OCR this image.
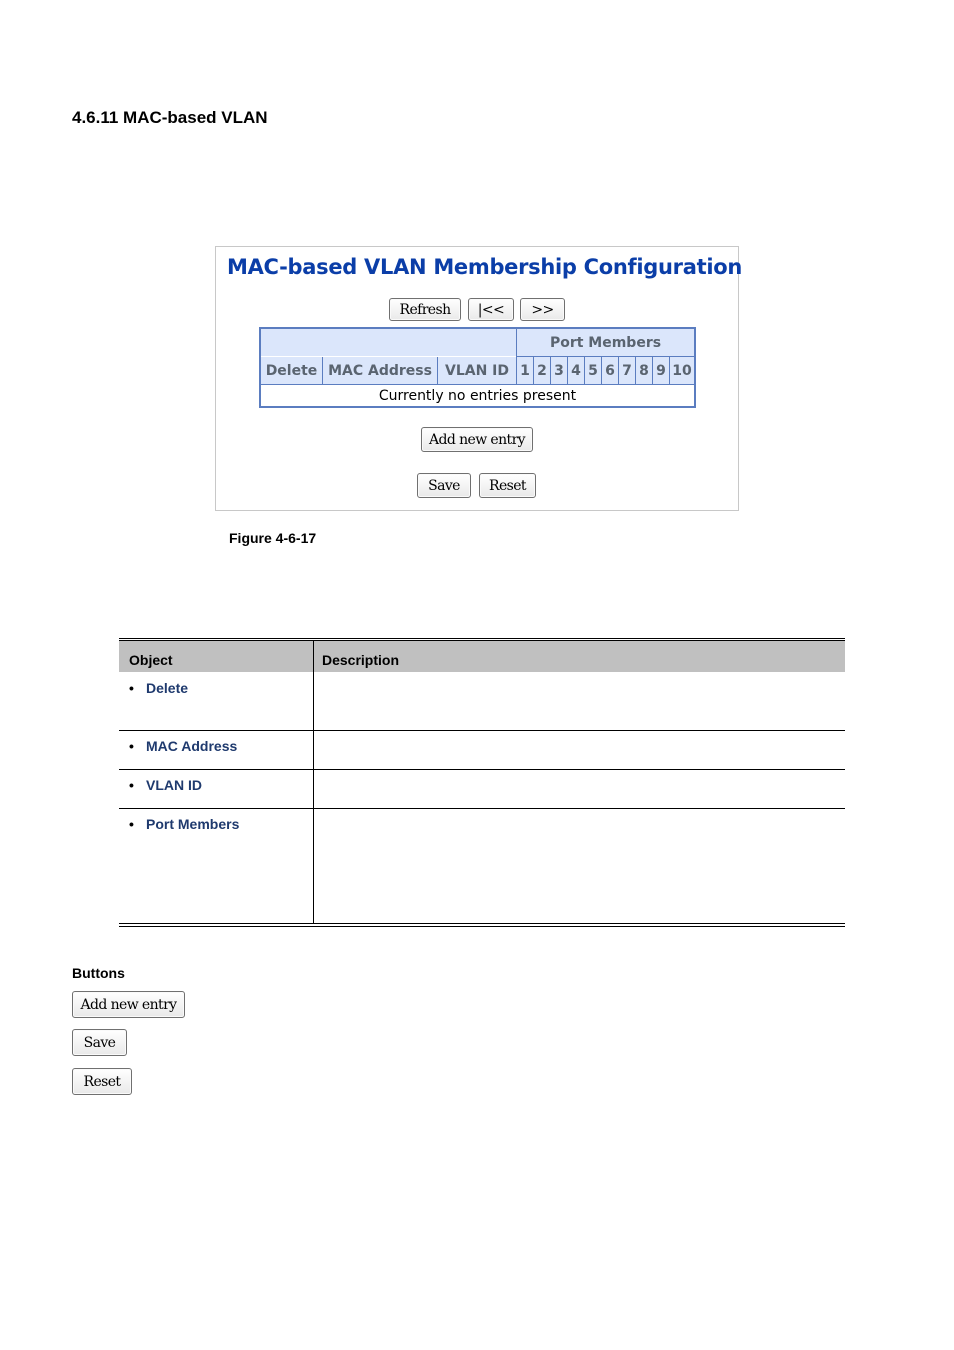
4.6.11 MAC-based VLAN
MAC-based VLAN Membership Configuration
Refresh	|<<	>>
Port Members
Delete MAC Address VLAN ID 1 2 3 4 5 6 7 8 9 10
Currently no entries present
Add new entry
Save	Reset
Figure 4-6-17
Object	Description
• Delete
• MAC Address
• VLAN ID
• Port Members
Buttons
Add new entry
Save
Reset
